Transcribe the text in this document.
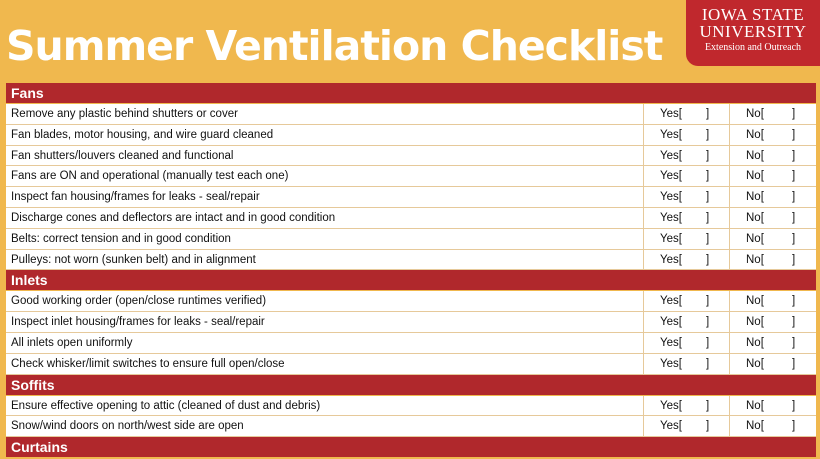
Summer Ventilation Checklist
IOWA STATE
UNIVERSITY
Extension and Outreach
Fans
Remove any plastic behind shutters or cover	Yes[ ]	No[ ]
Fan blades, motor housing, and wire guard cleaned	Yes[ ]	No[ ]
Fan shutters/louvers cleaned and functional	Yes[ ]	No[ ]
Fans are ON and operational (manually test each one)	Yes[ ]	No[ ]
Inspect fan housing/frames for leaks - seal/repair	Yes[ ]	No[ ]
Discharge cones and deflectors are intact and in good condition	Yes[ ]	No[ ]
Belts: correct tension and in good condition	Yes[ ]	No[ ]
Pulleys: not worn (sunken belt) and in alignment	Yes[ ]	No[ ]
Inlets
Good working order (open/close runtimes verified)	Yes[ ]	No[ ]
Inspect inlet housing/frames for leaks - seal/repair	Yes[ ]	No[ ]
All inlets open uniformly	Yes[ ]	No[ ]
Check whisker/limit switches to ensure full open/close	Yes[ ]	No[ ]
Soffits
Ensure effective opening to attic (cleaned of dust and debris)	Yes[ ]	No[ ]
Snow/wind doors on north/west side are open	Yes[ ]	No[ ]
Curtains
